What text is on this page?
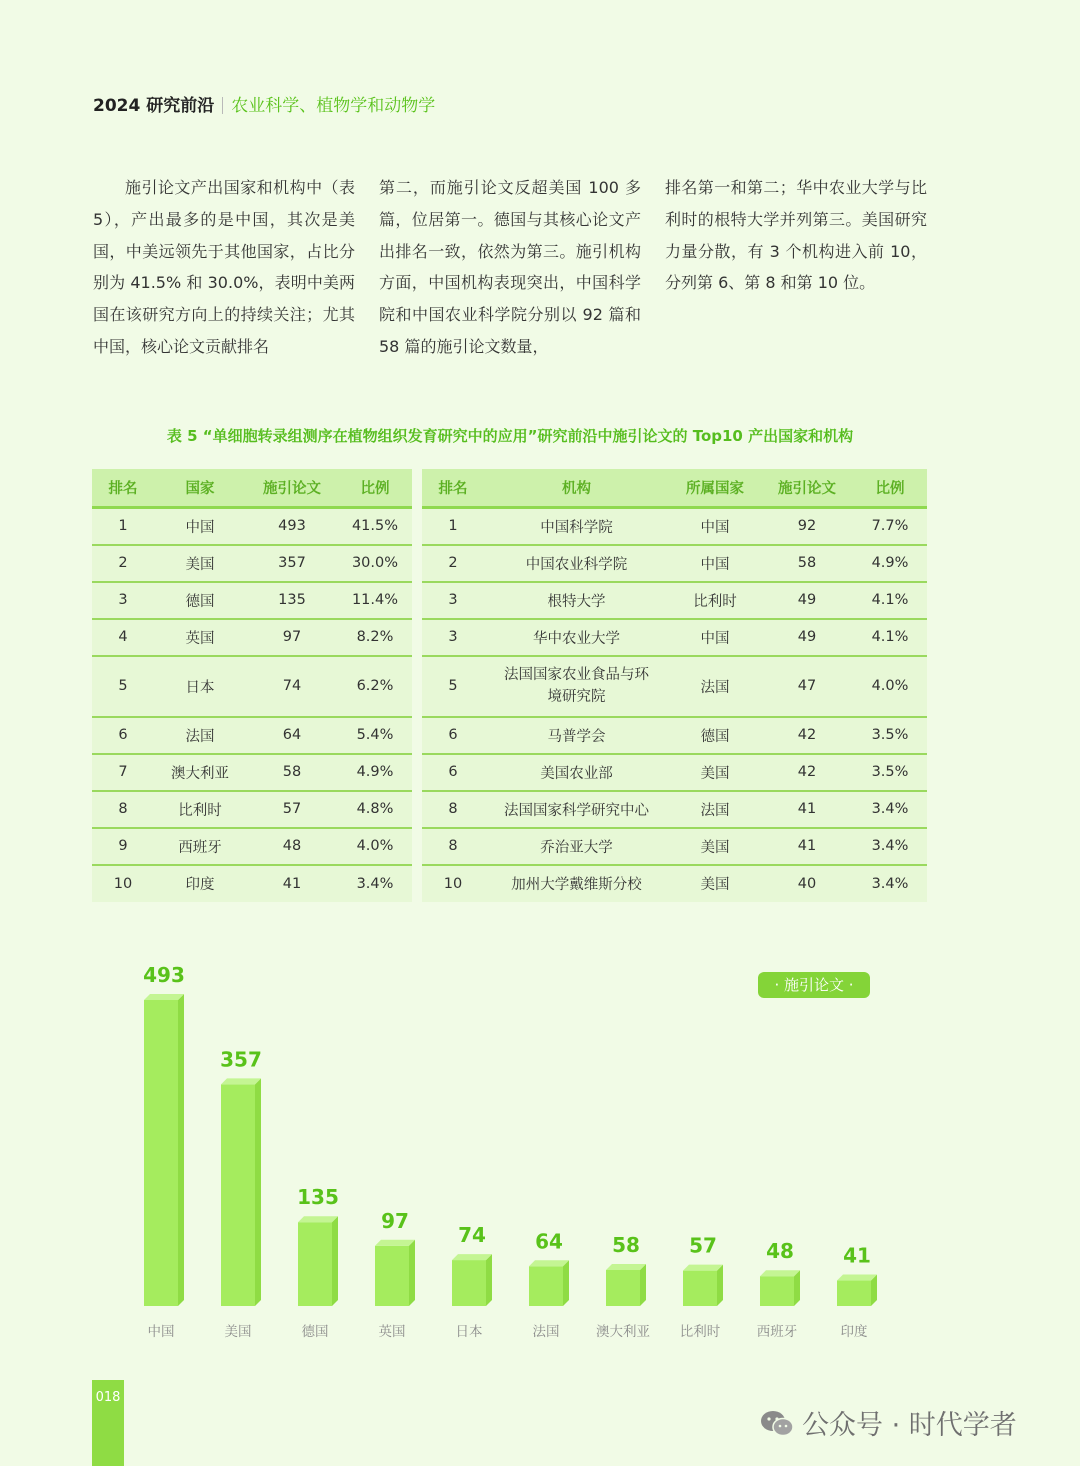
2024 研究前沿 农业科学、植物学和动物学

施引论文产出国家和机构中（表 5），产出最多的是中国，其次是美国，中美远领先于其他国家，占比分别为 41.5% 和 30.0%，表明中美两国在该研究方向上的持续关注；尤其中国，核心论文贡献排名

第二，而施引论文反超美国 100 多篇，位居第一。德国与其核心论文产出排名一致，依然为第三。施引机构方面，中国机构表现突出，中国科学院和中国农业科学院分别以 92 篇和 58 篇的施引论文数量，

排名第一和第二；华中农业大学与比利时的根特大学并列第三。美国研究力量分散，有 3 个机构进入前 10，分列第 6、第 8 和第 10 位。

表 5 “单细胞转录组测序在植物组织发育研究中的应用”研究前沿中施引论文的 Top10 产出国家和机构
排名	国家	施引论文	比例
1	中国	493	41.5%
2	美国	357	30.0%
3	德国	135	11.4%
4	英国	97	8.2%
5	日本	74	6.2%
6	法国	64	5.4%
7	澳大利亚	58	4.9%
8	比利时	57	4.8%
9	西班牙	48	4.0%
10	印度	41	3.4%
排名	机构	所属国家	施引论文	比例
1	中国科学院	中国	92	7.7%
2	中国农业科学院	中国	58	4.9%
3	根特大学	比利时	49	4.1%
3	华中农业大学	中国	49	4.1%
5	法国国家农业食品与环境研究院	法国	47	4.0%
6	马普学会	德国	42	3.5%
6	美国农业部	美国	42	3.5%
8	法国国家科学研究中心	法国	41	3.4%
8	乔治亚大学	美国	41	3.4%
10	加州大学戴维斯分校	美国	40	3.4%
· 施引论文 ·
493
中国
357
美国
135
德国
97
英国
74
日本
64
法国
58
澳大利亚
57
比利时
48
西班牙
41
印度
018
公众号 · 时代学者
